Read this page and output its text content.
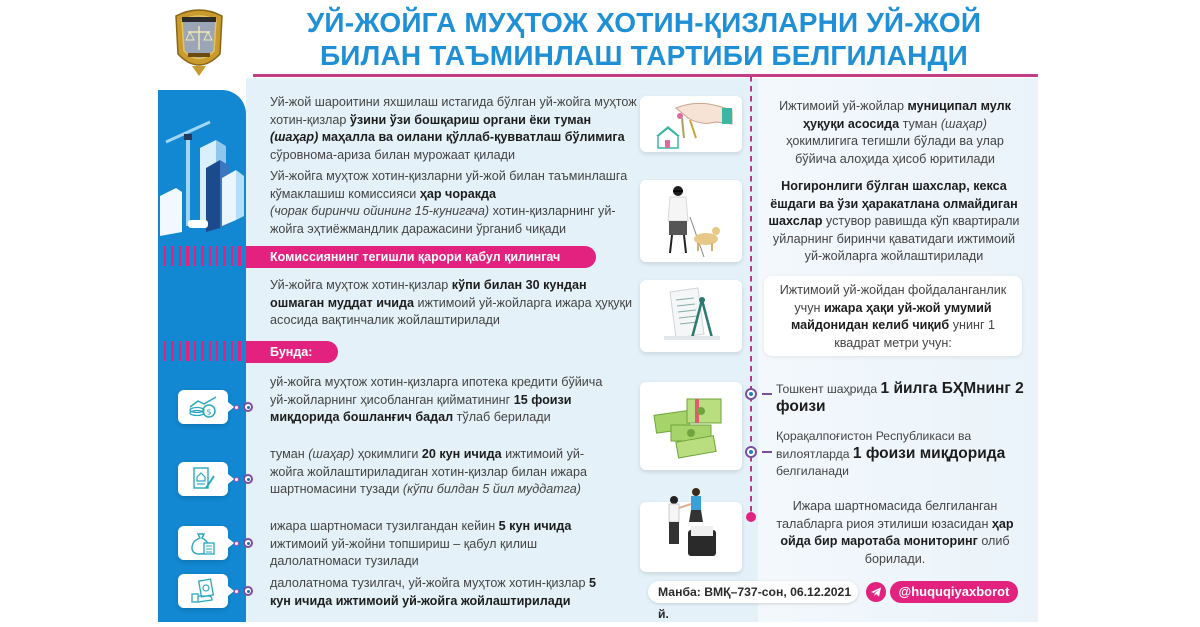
УЙ-ЖОЙГА МУҲТОЖ ХОТИН-ҚИЗЛАРНИ УЙ-ЖОЙ
БИЛАН ТАЪМИНЛАШ ТАРТИБИ БЕЛГИЛАНДИ
Уй-жой шароитини яхшилаш истагида бўлган уй-жойга муҳтож хотин-қизлар ўзини ўзи бошқариш органи ёки туман (шаҳар) маҳалла ва оилани қўллаб-қувватлаш бўлимига сўровнома-ариза билан мурожаат қилади
Уй-жойга муҳтож хотин-қизларни уй-жой билан таъминлашга кўмаклашиш комиссияси ҳар чоракда
(чорак биринчи ойининг 15-кунигача) хотин-қизларнинг уй-жойга эҳтиёжмандлик даражасини ўрганиб чиқади
Комиссиянинг тегишли қарори қабул қилингач
Уй-жойга муҳтож хотин-қизлар кўпи билан 30 кундан ошмаган муддат ичида ижтимоий уй-жойларга ижара ҳуқуқи асосида вақтинчалик жойлаштирилади
Бунда:
$
уй-жойга муҳтож хотин-қизларга ипотека кредити бўйича уй-жойларнинг ҳисобланган қийматининг 15 фоизи миқдорида бошланғич бадал тўлаб берилади
туман (шаҳар) ҳокимлиги 20 кун ичида ижтимоий уй-жойга жойлаштириладиган хотин-қизлар билан ижара шартномасини тузади (кўпи билдан 5 йил муддатга)
ижара шартномаси тузилгандан кейин 5 кун ичида ижтимоий уй-жойни топшириш – қабул қилиш далолатномаси тузилади
далолатнома тузилгач, уй-жойга муҳтож хотин-қизлар 5 кун ичида ижтимоий уй-жойга жойлаштирилади
Ижтимоий уй-жойлар муниципал мулк ҳуқуқи асосида туман (шаҳар) ҳокимлигига тегишли бўлади ва улар бўйича алоҳида ҳисоб юритилади
Ногиронлиги бўлган шахслар, кекса ёшдаги ва ўзи ҳаракатлана олмайдиган шахслар устувор равишда кўп квартирали уйларнинг биринчи қаватидаги ижтимоий уй-жойларга жойлаштирилади
Ижтимоий уй-жойдан фойдаланганлик учун ижара ҳақи уй-жой умумий майдонидан келиб чиқиб унинг 1 квадрат метри учун:
Тошкент шаҳрида 1 йилга БҲМнинг 2 фоизи
Қорақалпоғистон Республикаси ва вилоятларда 1 фоизи миқдорида белгиланади
Ижара шартномасида белгиланган талабларга риоя этилиши юзасидан ҳар ойда бир маротаба мониторинг олиб борилади.
Манба: ВМҚ–737-сон, 06.12.2021 й.
@huquqiyaxborot
